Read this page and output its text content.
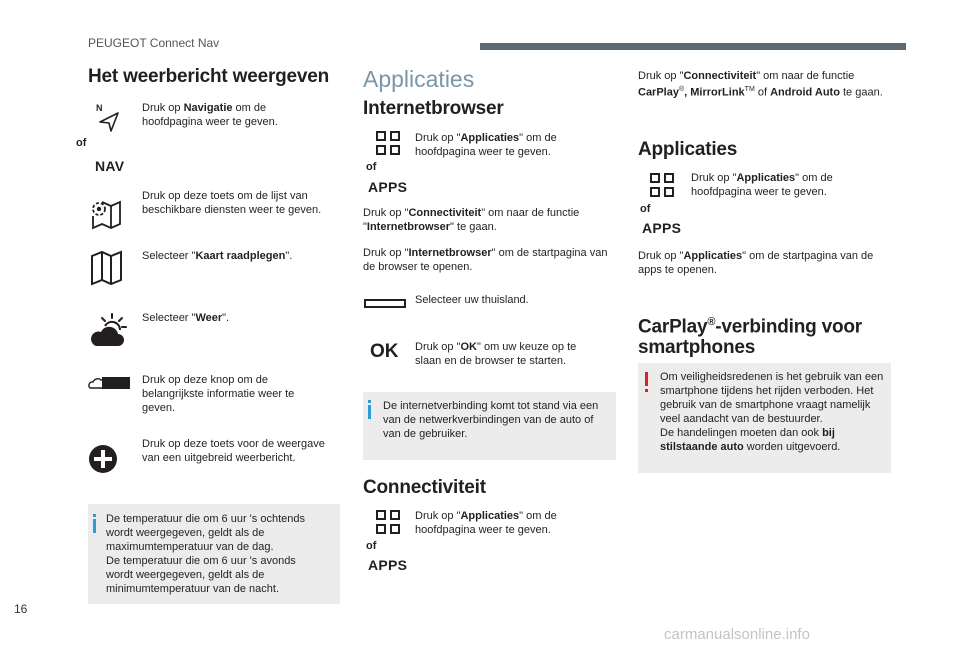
PEUGEOT Connect Nav
Het weerbericht weergeven
N
of
NAV
Druk op Navigatie om de hoofdpagina weer te geven.
Druk op deze toets om de lijst van beschikbare diensten weer te geven.
Selecteer "Kaart raadplegen".
Selecteer "Weer".
Druk op deze knop om de belangrijkste informatie weer te geven.
Druk op deze toets voor de weergave van een uitgebreid weerbericht.
De temperatuur die om 6 uur 's ochtends
wordt weergegeven, geldt als de
maximumtemperatuur van de dag.
De temperatuur die om 6 uur 's avonds
wordt weergegeven, geldt als de
minimumtemperatuur van de nacht.
Applicaties
Internetbrowser
of
APPS
Druk op "Applicaties" om de hoofdpagina weer te geven.
Druk op "Connectiviteit" om naar de functie "Internetbrowser" te gaan.
Druk op "Internetbrowser" om de startpagina van de browser te openen.
Selecteer uw thuisland.
OK Druk op "OK" om uw keuze op te slaan en de browser te starten.
De internetverbinding komt tot stand via een van de netwerkverbindingen van de auto of van de gebruiker.
Connectiviteit
of
APPS
Druk op "Applicaties" om de hoofdpagina weer te geven.
Druk op "Connectiviteit" om naar de functie CarPlay®, MirrorLink™ of Android Auto te gaan.
Applicaties
of
APPS
Druk op "Applicaties" om de hoofdpagina weer te geven.
Druk op "Applicaties" om de startpagina van de apps te openen.
CarPlay®-verbinding voor
smartphones
Om veiligheidsredenen is het gebruik van een
smartphone tijdens het rijden verboden. Het
gebruik van de smartphone vraagt namelijk
veel aandacht van de bestuurder.
De handelingen moeten dan ook bij
stilstaande auto worden uitgevoerd.
16
carmanualsonline.info
